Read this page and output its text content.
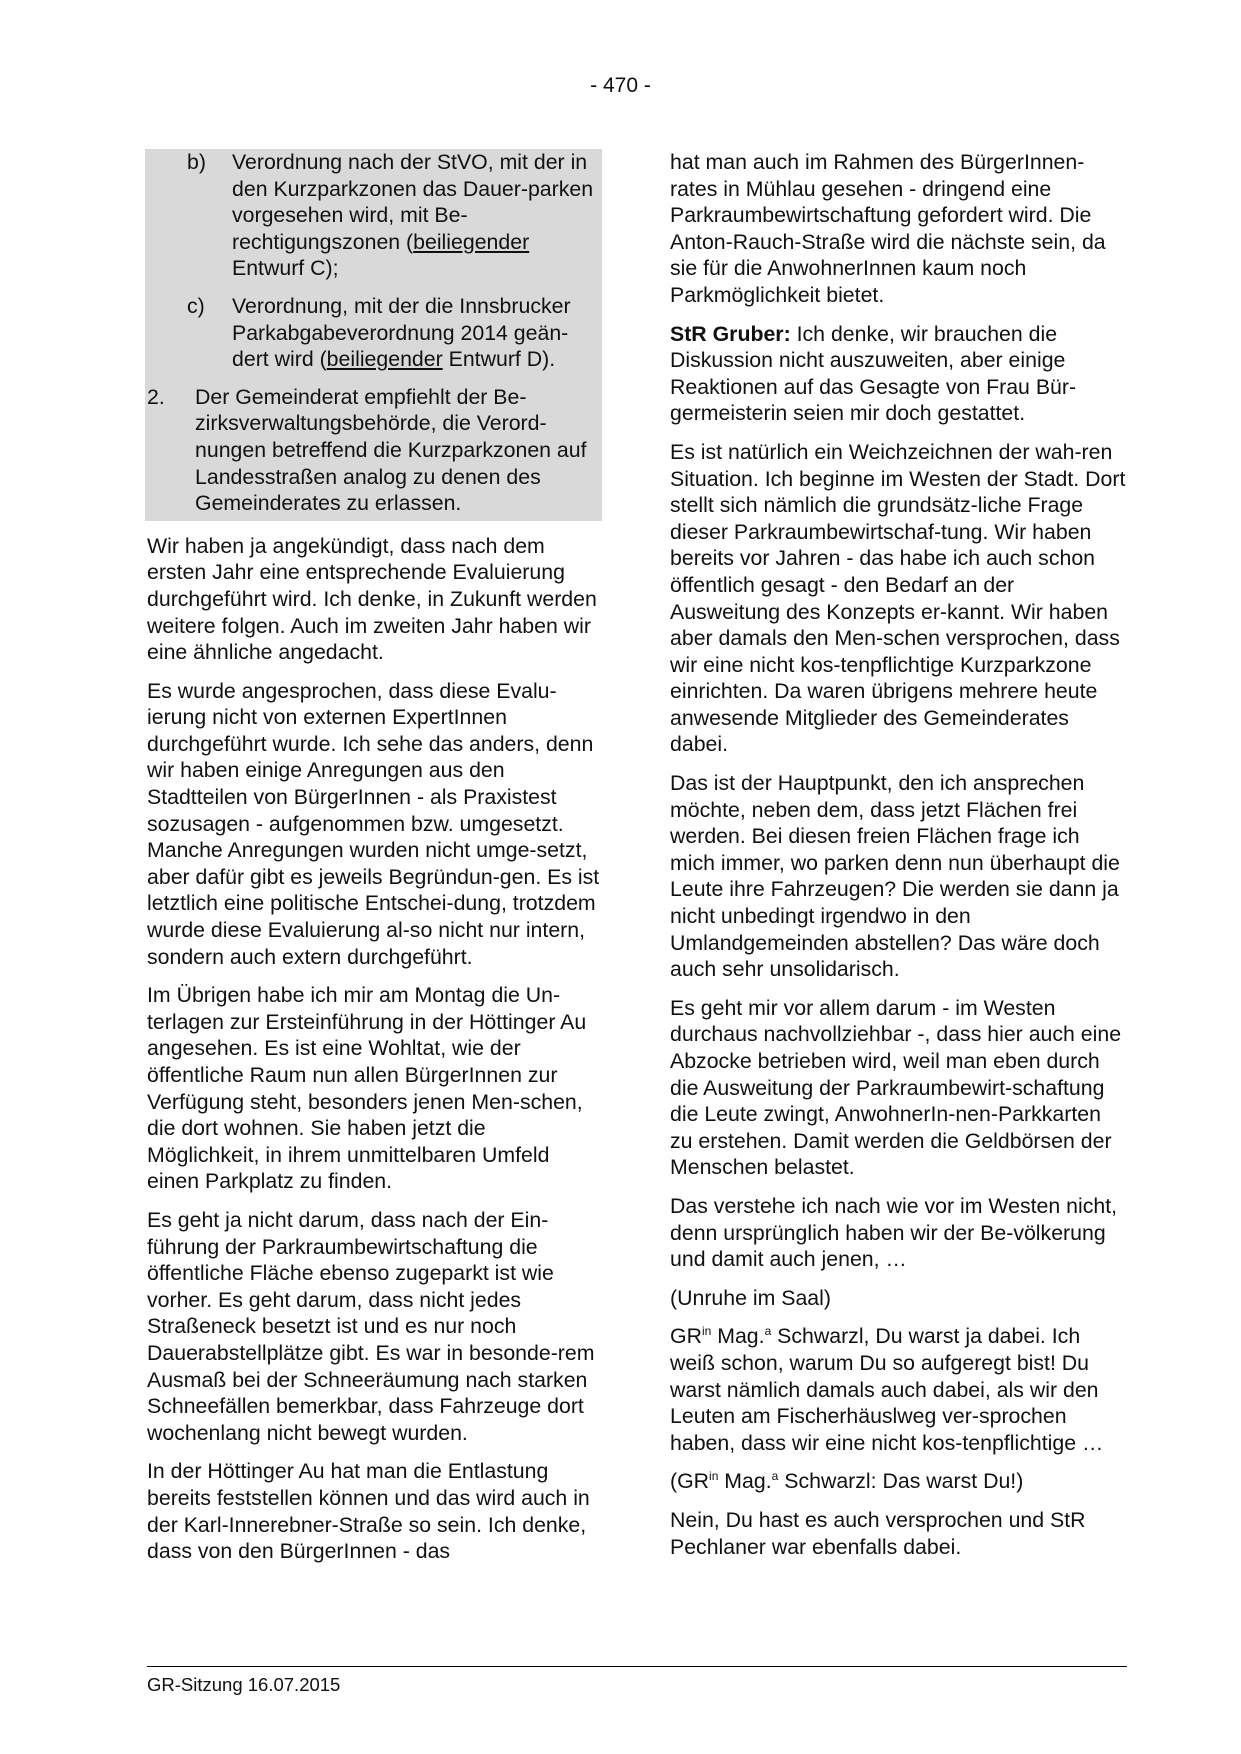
- 470 -
b) Verordnung nach der StVO, mit der in den Kurzparkzonen das Dauer-parken vorgesehen wird, mit Be-rechtigungszonen (beiliegender Entwurf C);
c) Verordnung, mit der die Innsbrucker Parkabgabeverordnung 2014 geän-dert wird (beiliegender Entwurf D).
2. Der Gemeinderat empfiehlt der Be-zirksverwaltungsbehörde, die Verord-nungen betreffend die Kurzparkzonen auf Landesstraßen analog zu denen des Gemeinderates zu erlassen.

Wir haben ja angekündigt, dass nach dem ersten Jahr eine entsprechende Evaluierung durchgeführt wird. Ich denke, in Zukunft werden weitere folgen. Auch im zweiten Jahr haben wir eine ähnliche angedacht.

Es wurde angesprochen, dass diese Evalu-ierung nicht von externen ExpertInnen durchgeführt wurde. Ich sehe das anders, denn wir haben einige Anregungen aus den Stadtteilen von BürgerInnen - als Praxistest sozusagen - aufgenommen bzw. umgesetzt. Manche Anregungen wurden nicht umge-setzt, aber dafür gibt es jeweils Begründun-gen. Es ist letztlich eine politische Entschei-dung, trotzdem wurde diese Evaluierung al-so nicht nur intern, sondern auch extern durchgeführt.

Im Übrigen habe ich mir am Montag die Un-terlagen zur Ersteinführung in der Höttinger Au angesehen. Es ist eine Wohltat, wie der öffentliche Raum nun allen BürgerInnen zur Verfügung steht, besonders jenen Men-schen, die dort wohnen. Sie haben jetzt die Möglichkeit, in ihrem unmittelbaren Umfeld einen Parkplatz zu finden.

Es geht ja nicht darum, dass nach der Ein-führung der Parkraumbewirtschaftung die öffentliche Fläche ebenso zugeparkt ist wie vorher. Es geht darum, dass nicht jedes Straßeneck besetzt ist und es nur noch Dauerabstellplätze gibt. Es war in besonde-rem Ausmaß bei der Schneeräumung nach starken Schneefällen bemerkbar, dass Fahrzeuge dort wochenlang nicht bewegt wurden.

In der Höttinger Au hat man die Entlastung bereits feststellen können und das wird auch in der Karl-Innerebner-Straße so sein. Ich denke, dass von den BürgerInnen - das

hat man auch im Rahmen des BürgerInnen-rates in Mühlau gesehen - dringend eine Parkraumbewirtschaftung gefordert wird. Die Anton-Rauch-Straße wird die nächste sein, da sie für die AnwohnerInnen kaum noch Parkmöglichkeit bietet.

StR Gruber: Ich denke, wir brauchen die Diskussion nicht auszuweiten, aber einige Reaktionen auf das Gesagte von Frau Bür-germeisterin seien mir doch gestattet.

Es ist natürlich ein Weichzeichnen der wah-ren Situation. Ich beginne im Westen der Stadt. Dort stellt sich nämlich die grundsätz-liche Frage dieser Parkraumbewirtschaf-tung. Wir haben bereits vor Jahren - das habe ich auch schon öffentlich gesagt - den Bedarf an der Ausweitung des Konzepts er-kannt. Wir haben aber damals den Men-schen versprochen, dass wir eine nicht kos-tenpflichtige Kurzparkzone einrichten. Da waren übrigens mehrere heute anwesende Mitglieder des Gemeinderates dabei.

Das ist der Hauptpunkt, den ich ansprechen möchte, neben dem, dass jetzt Flächen frei werden. Bei diesen freien Flächen frage ich mich immer, wo parken denn nun überhaupt die Leute ihre Fahrzeugen? Die werden sie dann ja nicht unbedingt irgendwo in den Umlandgemeinden abstellen? Das wäre doch auch sehr unsolidarisch.

Es geht mir vor allem darum - im Westen durchaus nachvollziehbar -, dass hier auch eine Abzocke betrieben wird, weil man eben durch die Ausweitung der Parkraumbewirt-schaftung die Leute zwingt, AnwohnerIn-nen-Parkkarten zu erstehen. Damit werden die Geldbörsen der Menschen belastet.

Das verstehe ich nach wie vor im Westen nicht, denn ursprünglich haben wir der Be-völkerung und damit auch jenen, …

(Unruhe im Saal)

$GR^{in}$ Mag.$^a$ Schwarzl, Du warst ja dabei. Ich weiß schon, warum Du so aufgeregt bist! Du warst nämlich damals auch dabei, als wir den Leuten am Fischerhäuslweg ver-sprochen haben, dass wir eine nicht kos-tenpflichtige …

($GR^{in}$ Mag.$^a$ Schwarzl: Das warst Du!)

Nein, Du hast es auch versprochen und StR Pechlaner war ebenfalls dabei.

GR-Sitzung 16.07.2015
